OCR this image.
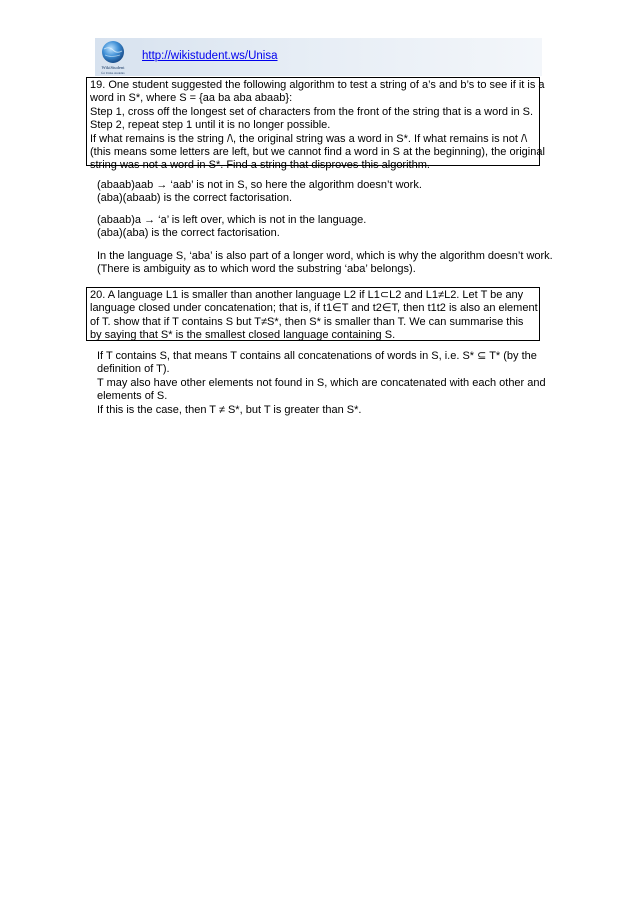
WikiStudent
for Unisa students
http://wikistudent.ws/Unisa
19. One student suggested the following algorithm to test a string of a’s and b’s to see if it is a
word in S*, where S = {aa ba aba abaab}:
Step 1, cross off the longest set of characters from the front of the string that is a word in S.
Step 2, repeat step 1 until it is no longer possible.
If what remains is the string /\, the original string was a word in S*. If what remains is not /\
(this means some letters are left, but we cannot find a word in S at the beginning), the original
string was not a word in S*. Find a string that disproves this algorithm.
(abaab)aab → ‘aab’ is not in S, so here the algorithm doesn’t work.
(aba)(abaab) is the correct factorisation.
(abaab)a → ‘a’ is left over, which is not in the language.
(aba)(aba) is the correct factorisation.
In the language S, ‘aba’ is also part of a longer word, which is why the algorithm doesn’t work.
(There is ambiguity as to which word the substring ‘aba’ belongs).
20. A language L1 is smaller than another language L2 if L1⊂L2 and L1≠L2. Let T be any
language closed under concatenation; that is, if t1∈T and t2∈T, then t1t2 is also an element
of T. show that if T contains S but T≠S*, then S* is smaller than T. We can summarise this
by saying that S* is the smallest closed language containing S.
If T contains S, that means T contains all concatenations of words in S, i.e. S* ⊆ T* (by the
definition of T).
T may also have other elements not found in S, which are concatenated with each other and
elements of S.
If this is the case, then T ≠ S*, but T is greater than S*.
